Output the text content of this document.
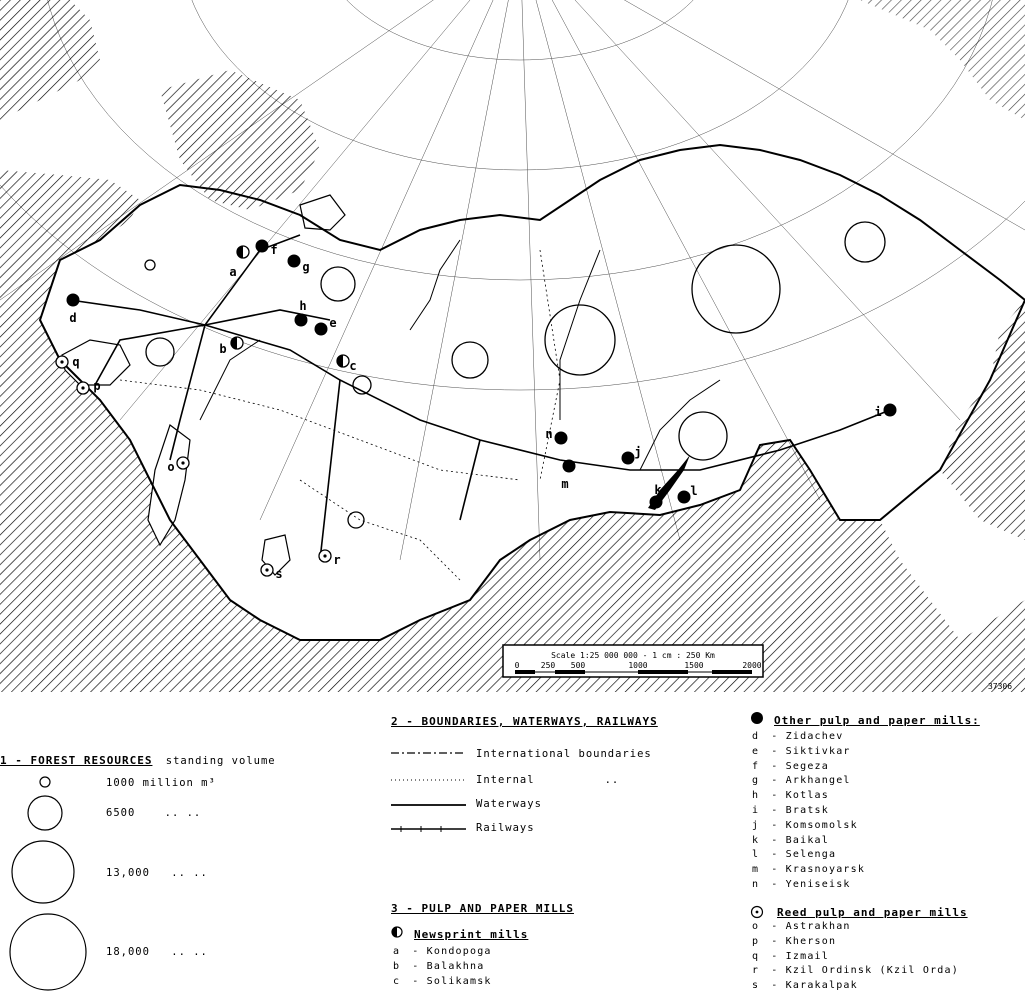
a
b
c
d	e
f
g
h
i
j
k l
m
n
o
p
q
r
s
Scale 1:25 000 000 - 1 cm : 250 Km
0	250 500	1000	1500	2000
37306
1 - FOREST RESOURCES standing volume
1000 million m³
6500	.. ..
13,000 .. ..
18,000 .. ..
2 - BOUNDARIES, WATERWAYS, RAILWAYS
International boundaries
Internal	..
Waterways
Railways
3 - PULP AND PAPER MILLS
Newsprint mills
a - Kondopoga
b - Balakhna
c - Solikamsk
Other pulp and paper mills:
d - Zidachev
e - Siktivkar
f - Segeza
g - Arkhangel
h - Kotlas
i - Bratsk
j - Komsomolsk
k - Baikal
l - Selenga
m - Krasnoyarsk
n - Yeniseisk
Reed pulp and paper mills
o - Astrakhan
p - Kherson
q - Izmail
r - Kzil Ordinsk (Kzil Orda)
s - Karakalpak
